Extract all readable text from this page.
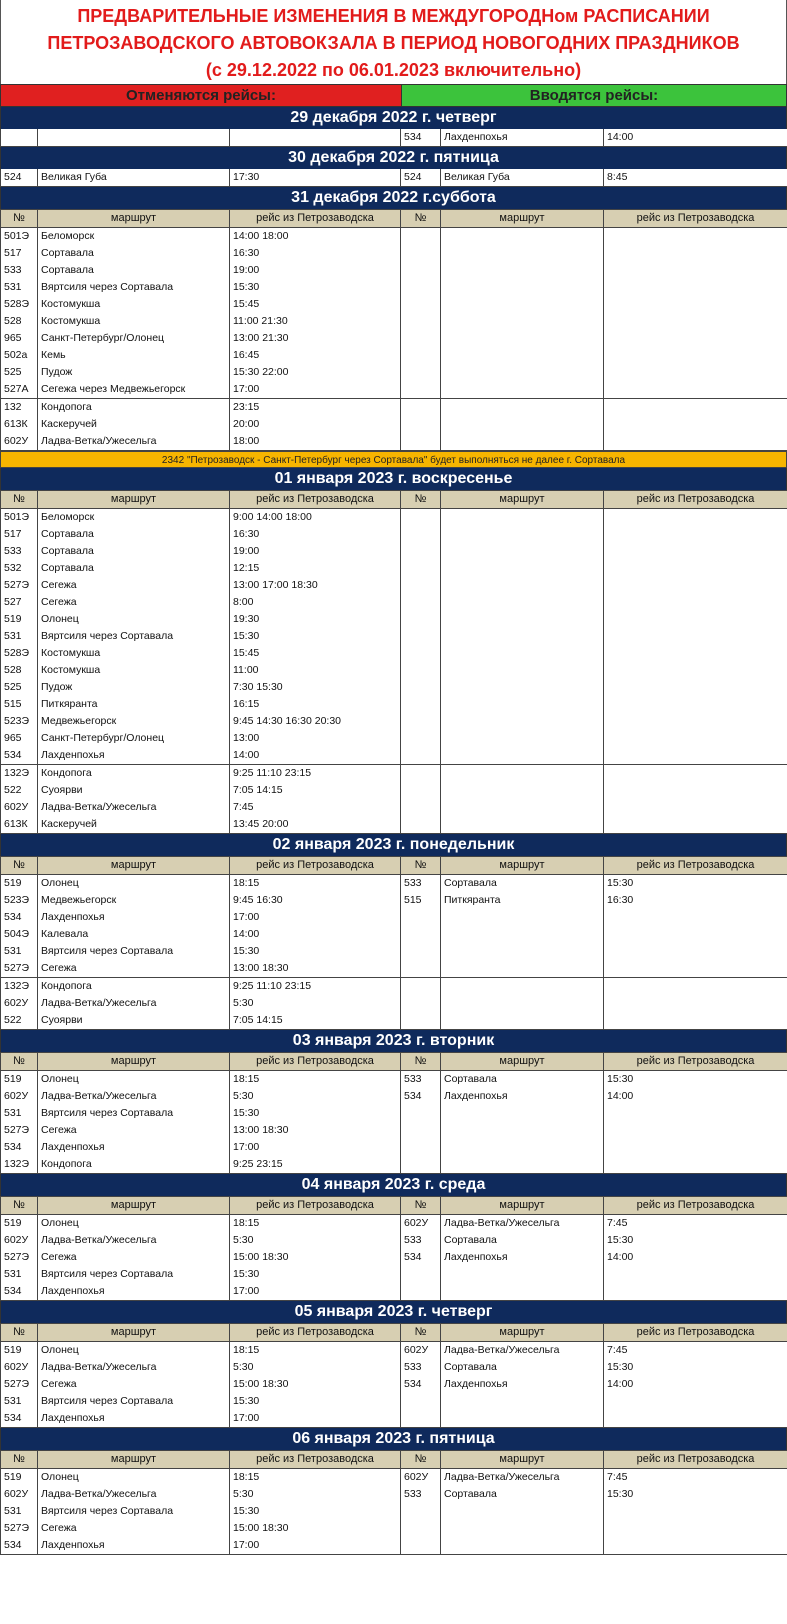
ПРЕДВАРИТЕЛЬНЫЕ ИЗМЕНЕНИЯ В МЕЖДУГОРОДНом РАСПИСАНИИ
ПЕТРОЗАВОДСКОГО АВТОВОКЗАЛА В ПЕРИОД НОВОГОДНИХ ПРАЗДНИКОВ
(с 29.12.2022 по 06.01.2023 включительно)
Отменяются рейсы:	Вводятся рейсы:
29 декабря 2022 г. четверг
			534	Лахденпохья	14:00
30 декабря 2022 г. пятница
524	Великая Губа	17:30	524	Великая Губа	8:45
31 декабря 2022 г.суббота
№	маршрут	рейс из Петрозаводска	№	маршрут	рейс из Петрозаводска
501Э	Беломорск	14:00 18:00			
517	Сортавала	16:30			
533	Сортавала	19:00			
531	Вяртсиля через Сортавала	15:30			
528Э	Костомукша	15:45			
528	Костомукша	11:00 21:30			
965	Санкт-Петербург/Олонец	13:00 21:30			
502а	Кемь	16:45			
525	Пудож	15:30 22:00			
527А	Сегежа через Медвежьегорск	17:00			
132	Кондопога	23:15			
613К	Каскеручей	20:00			
602У	Ладва-Ветка/Ужесельга	18:00			
2342 "Петрозаводск - Санкт-Петербург через Сортавала" будет выполняться не далее г. Сортавала
01 января 2023 г. воскресенье
№	маршрут	рейс из Петрозаводска	№	маршрут	рейс из Петрозаводска
501Э	Беломорск	9:00 14:00 18:00			
517	Сортавала	16:30			
533	Сортавала	19:00			
532	Сортавала	12:15			
527Э	Сегежа	13:00 17:00 18:30			
527	Сегежа	8:00			
519	Олонец	19:30			
531	Вяртсиля через Сортавала	15:30			
528Э	Костомукша	15:45			
528	Костомукша	11:00			
525	Пудож	7:30 15:30			
515	Питкяранта	16:15			
523Э	Медвежьегорск	9:45 14:30 16:30 20:30			
965	Санкт-Петербург/Олонец	13:00			
534	Лахденпохья	14:00			
132Э	Кондопога	9:25 11:10 23:15			
522	Суоярви	7:05 14:15			
602У	Ладва-Ветка/Ужесельга	7:45			
613К	Каскеручей	13:45 20:00			
02 января 2023 г. понедельник
№	маршрут	рейс из Петрозаводска	№	маршрут	рейс из Петрозаводска
519	Олонец	18:15	533	Сортавала	15:30
523Э	Медвежьегорск	9:45 16:30	515	Питкяранта	16:30
534	Лахденпохья	17:00			
504Э	Калевала	14:00			
531	Вяртсиля через Сортавала	15:30			
527Э	Сегежа	13:00 18:30			
132Э	Кондопога	9:25 11:10 23:15			
602У	Ладва-Ветка/Ужесельга	5:30			
522	Суоярви	7:05 14:15			
03 января 2023 г. вторник
№	маршрут	рейс из Петрозаводска	№	маршрут	рейс из Петрозаводска
519	Олонец	18:15	533	Сортавала	15:30
602У	Ладва-Ветка/Ужесельга	5:30	534	Лахденпохья	14:00
531	Вяртсиля через Сортавала	15:30			
527Э	Сегежа	13:00 18:30			
534	Лахденпохья	17:00			
132Э	Кондопога	9:25 23:15			
04 января 2023 г. среда
№	маршрут	рейс из Петрозаводска	№	маршрут	рейс из Петрозаводска
519	Олонец	18:15	602У	Ладва-Ветка/Ужесельга	7:45
602У	Ладва-Ветка/Ужесельга	5:30	533	Сортавала	15:30
527Э	Сегежа	15:00 18:30	534	Лахденпохья	14:00
531	Вяртсиля через Сортавала	15:30			
534	Лахденпохья	17:00			
05 января 2023 г. четверг
№	маршрут	рейс из Петрозаводска	№	маршрут	рейс из Петрозаводска
519	Олонец	18:15	602У	Ладва-Ветка/Ужесельга	7:45
602У	Ладва-Ветка/Ужесельга	5:30	533	Сортавала	15:30
527Э	Сегежа	15:00 18:30	534	Лахденпохья	14:00
531	Вяртсиля через Сортавала	15:30			
534	Лахденпохья	17:00			
06 января 2023 г. пятница
№	маршрут	рейс из Петрозаводска	№	маршрут	рейс из Петрозаводска
519	Олонец	18:15	602У	Ладва-Ветка/Ужесельга	7:45
602У	Ладва-Ветка/Ужесельга	5:30	533	Сортавала	15:30
531	Вяртсиля через Сортавала	15:30			
527Э	Сегежа	15:00 18:30			
534	Лахденпохья	17:00			
